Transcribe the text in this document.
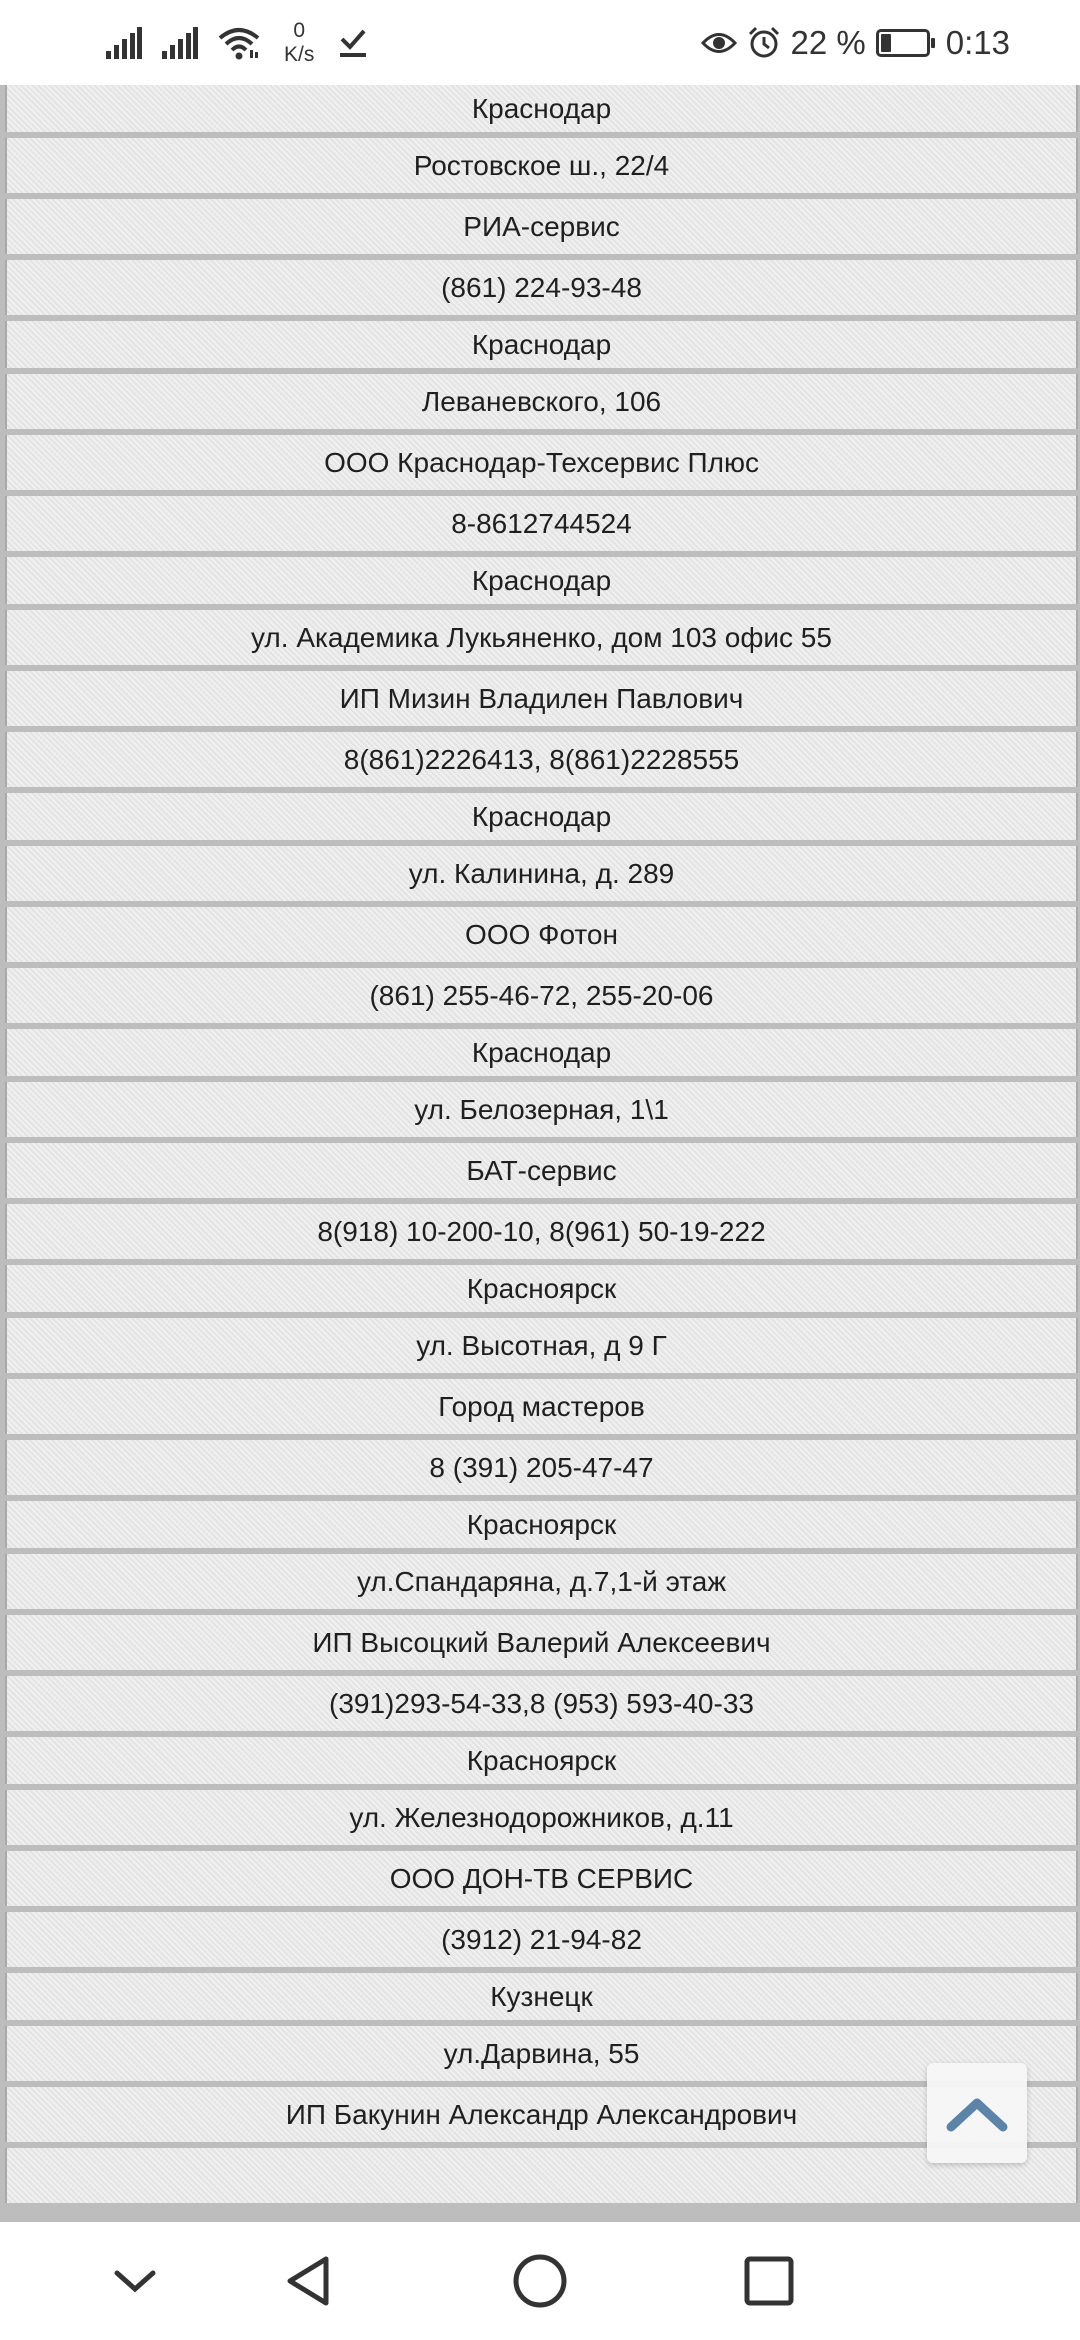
Краснодар
Ростовское ш., 22/4
РИА-сервис
(861) 224-93-48
Краснодар
Леваневского, 106
ООО Краснодар-Техсервис Плюс
8-8612744524
Краснодар
ул. Академика Лукьяненко, дом 103 офис 55
ИП Мизин Владилен Павлович
8(861)2226413, 8(861)2228555
Краснодар
ул. Калинина, д. 289
ООО Фотон
(861) 255-46-72, 255-20-06
Краснодар
ул. Белозерная, 1\1
БАТ-сервис
8(918) 10-200-10, 8(961) 50-19-222
Красноярск
ул. Высотная, д 9 Г
Город мастеров
8 (391) 205-47-47
Красноярск
ул.Спандаряна, д.7,1-й этаж
ИП Высоцкий Валерий Алексеевич
(391)293-54-33,8 (953) 593-40-33
Красноярск
ул. Железнодорожников, д.11
ООО ДОН-ТВ СЕРВИС
(3912) 21-94-82
Кузнецк
ул.Дарвина, 55
ИП Бакунин Александр Александрович
0
K/s	22 % 0:13
